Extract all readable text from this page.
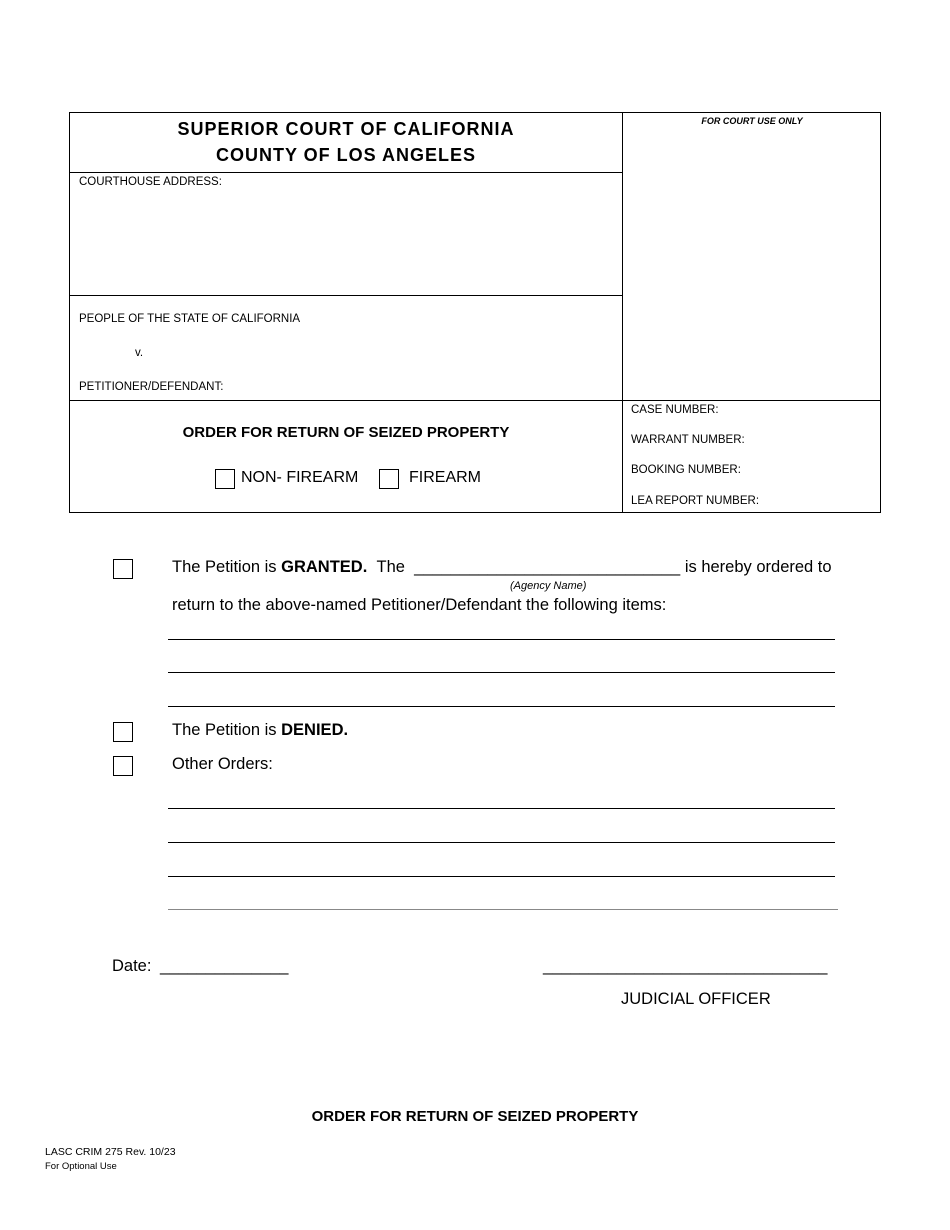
SUPERIOR COURT OF CALIFORNIA
COUNTY OF LOS ANGELES
FOR COURT USE ONLY
COURTHOUSE ADDRESS:
PEOPLE OF THE STATE OF CALIFORNIA
v.
PETITIONER/DEFENDANT:
ORDER FOR RETURN OF SEIZED PROPERTY
NON- FIREARM	FIREARM
CASE NUMBER:
WARRANT NUMBER:
BOOKING NUMBER:
LEA REPORT NUMBER:
The Petition is GRANTED. The _____________________________ is hereby ordered to
(Agency Name)
return to the above-named Petitioner/Defendant the following items:
The Petition is DENIED.
Other Orders:
Date: ______________	_______________________________
JUDICIAL OFFICER
ORDER FOR RETURN OF SEIZED PROPERTY
LASC CRIM 275 Rev. 10/23
For Optional Use
